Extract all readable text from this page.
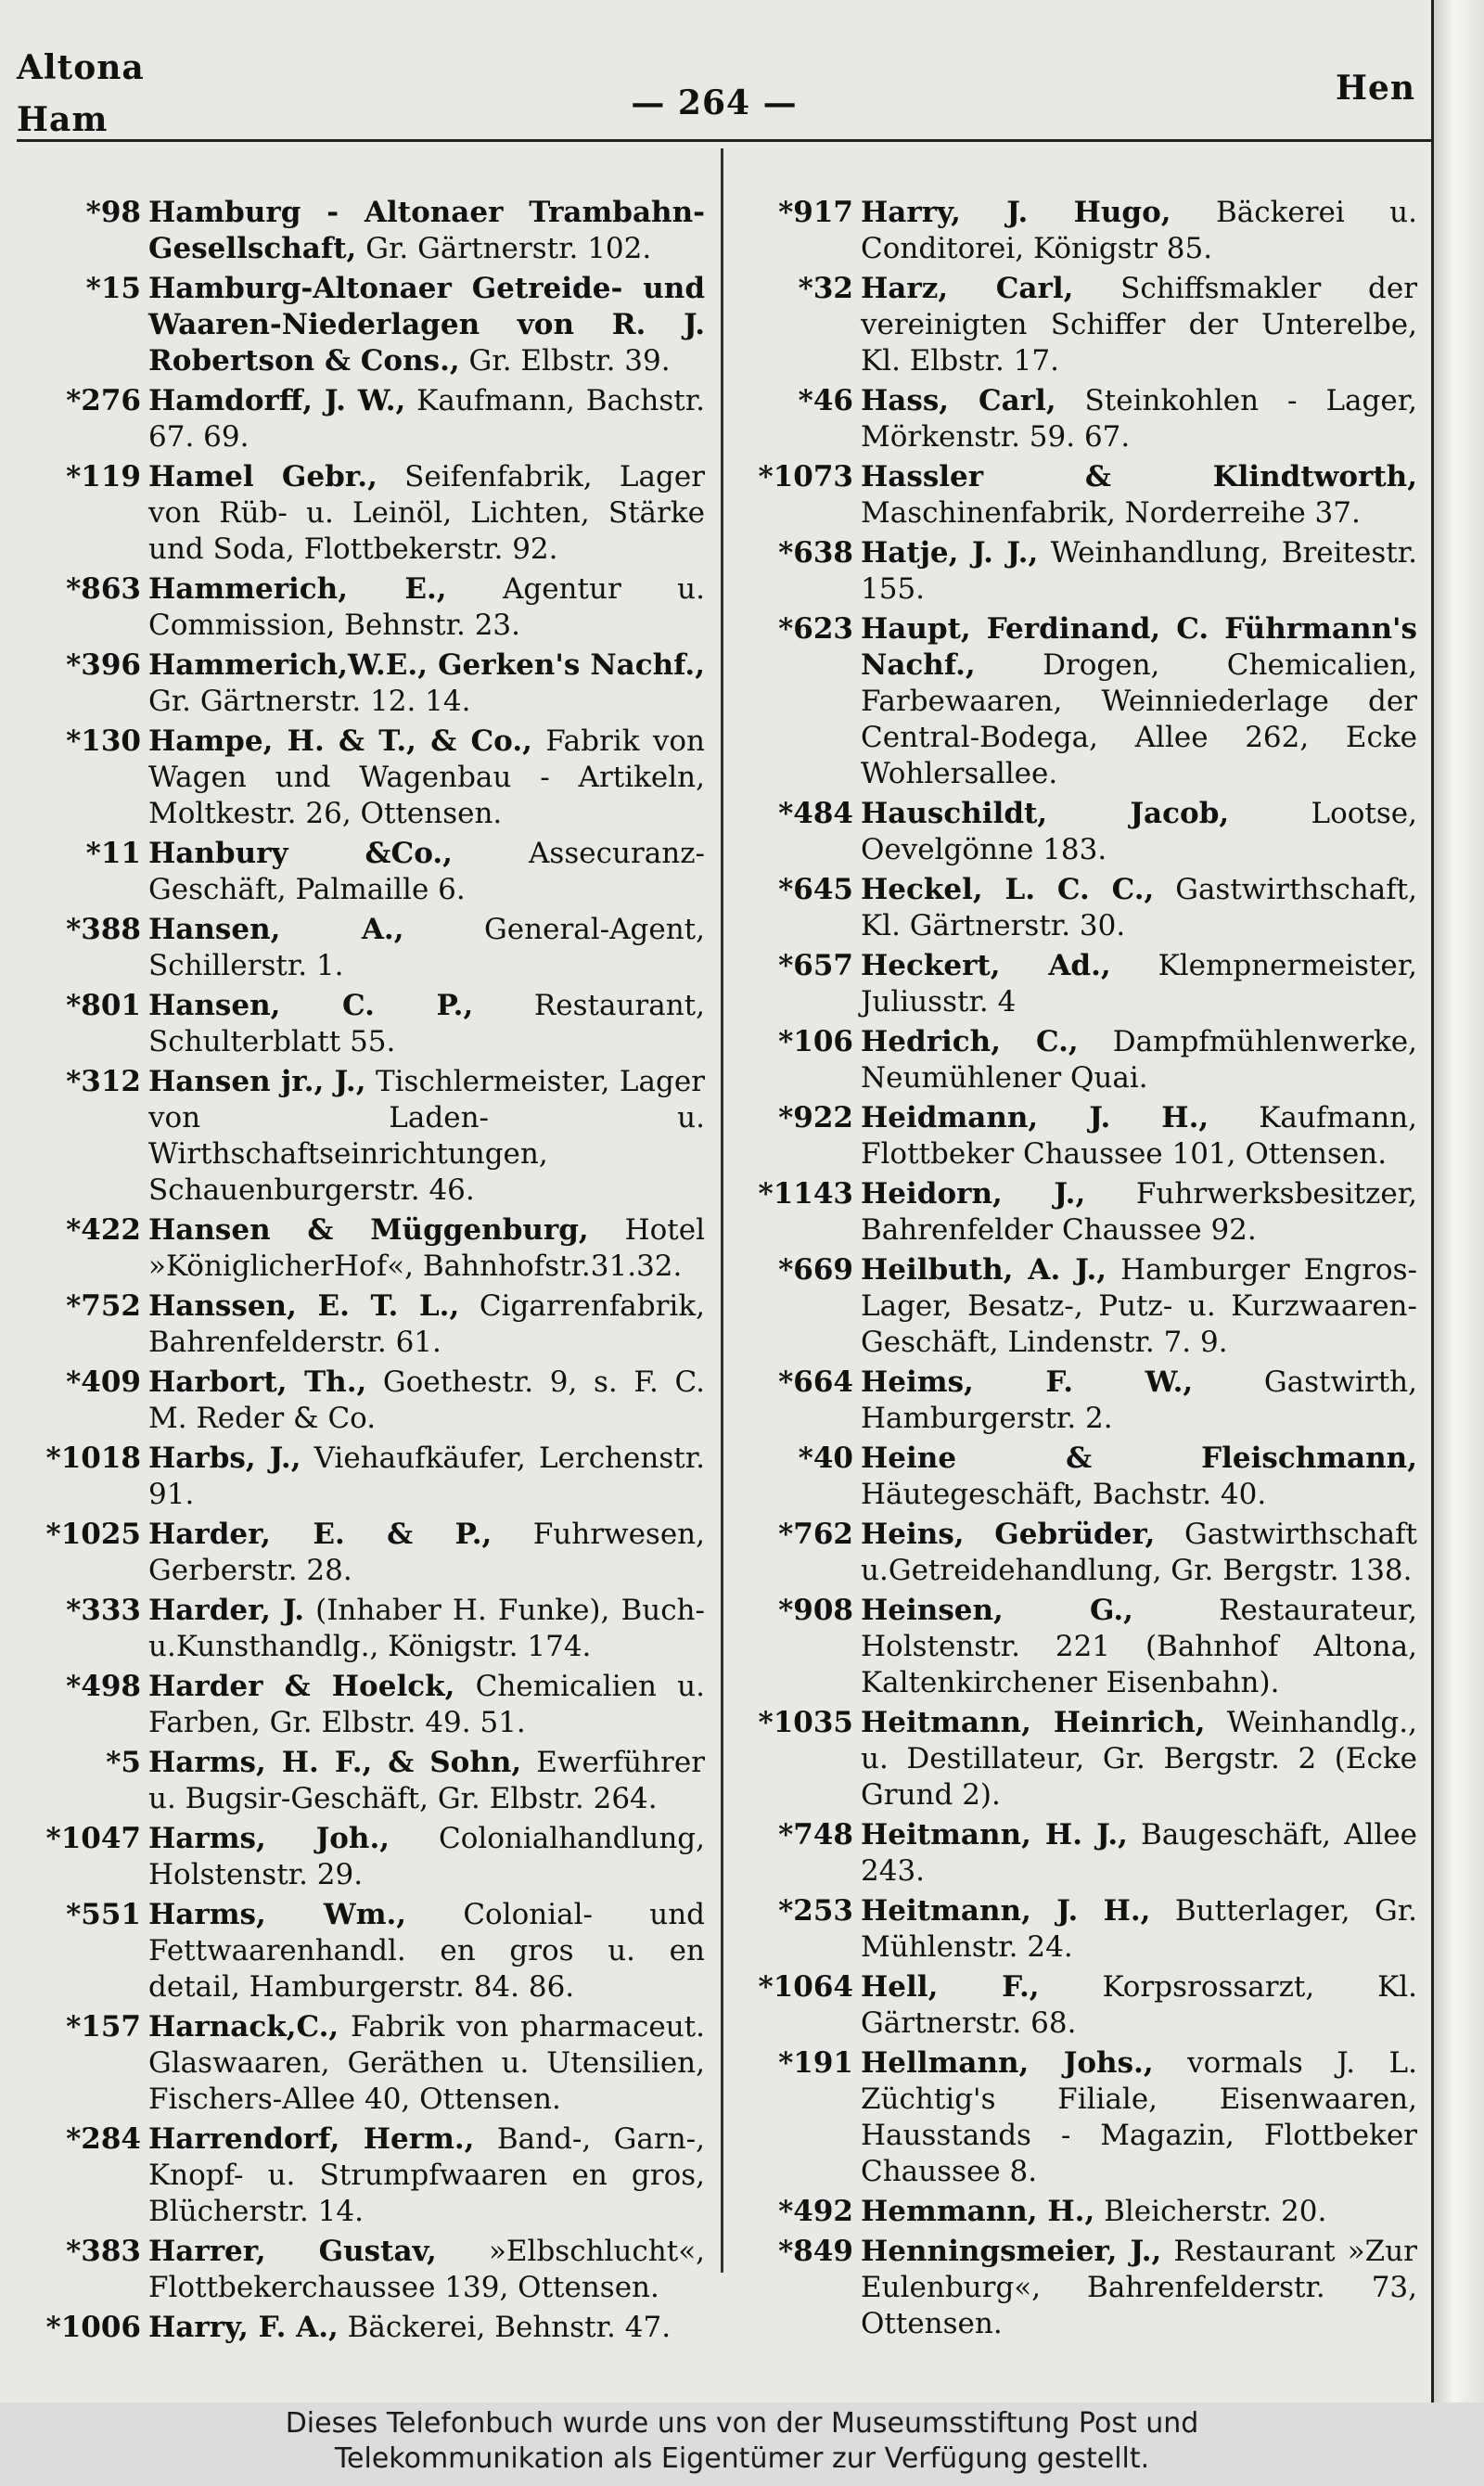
Altona
Ham	— 264 —	Hen
*98 Hamburg - Altonaer Trambahn-Gesellschaft, Gr. Gärtnerstr. 102.
*15 Hamburg-Altonaer Getreide- und Waaren-Niederlagen von R. J. Robertson & Cons., Gr. Elbstr. 39.
*276 Hamdorff, J. W., Kaufmann, Bachstr. 67. 69.
*119 Hamel Gebr., Seifenfabrik, Lager von Rüb- u. Leinöl, Lichten, Stärke und Soda, Flottbekerstr. 92.
*863 Hammerich, E., Agentur u. Commission, Behnstr. 23.
*396 Hammerich,W.E., Gerken's Nachf., Gr. Gärtnerstr. 12. 14.
*130 Hampe, H. & T., & Co., Fabrik von Wagen und Wagenbau - Artikeln, Moltkestr. 26, Ottensen.
*11 Hanbury &Co.,	Assecuranz-Geschäft, Palmaille 6.
*388 Hansen, A.,	General-Agent, Schillerstr. 1.
*801 Hansen, C. P., Restaurant, Schulterblatt 55.
*312 Hansen jr., J., Tischlermeister, Lager von Laden- u. Wirthschaftseinrichtungen, Schauenburgerstr. 46.
*422 Hansen & Müggenburg, Hotel »KöniglicherHof«, Bahnhofstr.31.32.
*752 Hanssen, E. T. L., Cigarrenfabrik, Bahrenfelderstr. 61.
*409 Harbort, Th., Goethestr. 9, s. F. C. M. Reder & Co.
*1018 Harbs, J., Viehaufkäufer, Lerchenstr. 91.
*1025 Harder, E. & P., Fuhrwesen, Gerberstr. 28.
*333 Harder, J. (Inhaber H. Funke), Buch-u.Kunsthandlg., Königstr. 174.
*498 Harder & Hoelck, Chemicalien u. Farben, Gr. Elbstr. 49. 51.
*5 Harms, H. F., & Sohn, Ewerführer u. Bugsir-Geschäft, Gr. Elbstr. 264.
*1047 Harms, Joh., Colonialhandlung, Holstenstr. 29.
*551 Harms, Wm., Colonial- und Fettwaarenhandl. en gros u. en detail, Hamburgerstr. 84. 86.
*157 Harnack,C., Fabrik von pharmaceut. Glaswaaren, Geräthen u. Utensilien, Fischers-Allee 40, Ottensen.
*284 Harrendorf, Herm., Band-, Garn-, Knopf- u. Strumpfwaaren en gros, Blücherstr. 14.
*383 Harrer, Gustav, »Elbschlucht«, Flottbekerchaussee 139, Ottensen.
*1006 Harry, F. A., Bäckerei, Behnstr. 47.
*917 Harry, J. Hugo, Bäckerei u. Conditorei, Königstr 85.
*32 Harz, Carl, Schiffsmakler der vereinigten Schiffer der Unterelbe, Kl. Elbstr. 17.
*46 Hass, Carl, Steinkohlen - Lager, Mörkenstr. 59. 67.
*1073 Hassler & Klindtworth, Maschinenfabrik, Norderreihe 37.
*638 Hatje, J. J., Weinhandlung, Breitestr. 155.
*623 Haupt, Ferdinand, C. Führmann's Nachf., Drogen, Chemicalien, Farbewaaren, Weinniederlage der Central-Bodega, Allee 262, Ecke Wohlersallee.
*484 Hauschildt, Jacob,	Lootse, Oevelgönne 183.
*645 Heckel, L. C. C., Gastwirthschaft, Kl. Gärtnerstr. 30.
*657 Heckert, Ad., Klempnermeister, Juliusstr. 4
*106 Hedrich, C., Dampfmühlenwerke, Neumühlener Quai.
*922 Heidmann, J. H., Kaufmann, Flottbeker Chaussee 101, Ottensen.
*1143 Heidorn, J., Fuhrwerksbesitzer, Bahrenfelder Chaussee 92.
*669 Heilbuth, A. J., Hamburger Engros-Lager, Besatz-, Putz- u. Kurzwaaren-Geschäft, Lindenstr. 7. 9.
*664 Heims, F. W., Gastwirth, Hamburgerstr. 2.
*40 Heine & Fleischmann, Häutegeschäft, Bachstr. 40.
*762 Heins, Gebrüder, Gastwirthschaft u.Getreidehandlung, Gr. Bergstr. 138.
*908 Heinsen, G.,	Restaurateur, Holstenstr. 221 (Bahnhof Altona, Kaltenkirchener Eisenbahn).
*1035 Heitmann, Heinrich, Weinhandlg., u. Destillateur, Gr. Bergstr. 2 (Ecke Grund 2).
*748 Heitmann, H. J., Baugeschäft, Allee 243.
*253 Heitmann, J. H., Butterlager, Gr. Mühlenstr. 24.
*1064 Hell, F., Korpsrossarzt, Kl. Gärtnerstr. 68.
*191 Hellmann, Johs., vormals J. L. Züchtig's Filiale, Eisenwaaren, Hausstands - Magazin, Flottbeker Chaussee 8.
*492 Hemmann, H., Bleicherstr. 20.
*849 Henningsmeier, J., Restaurant »Zur Eulenburg«, Bahrenfelderstr. 73, Ottensen.
Dieses Telefonbuch wurde uns von der Museumsstiftung Post und
Telekommunikation als Eigentümer zur Verfügung gestellt.
